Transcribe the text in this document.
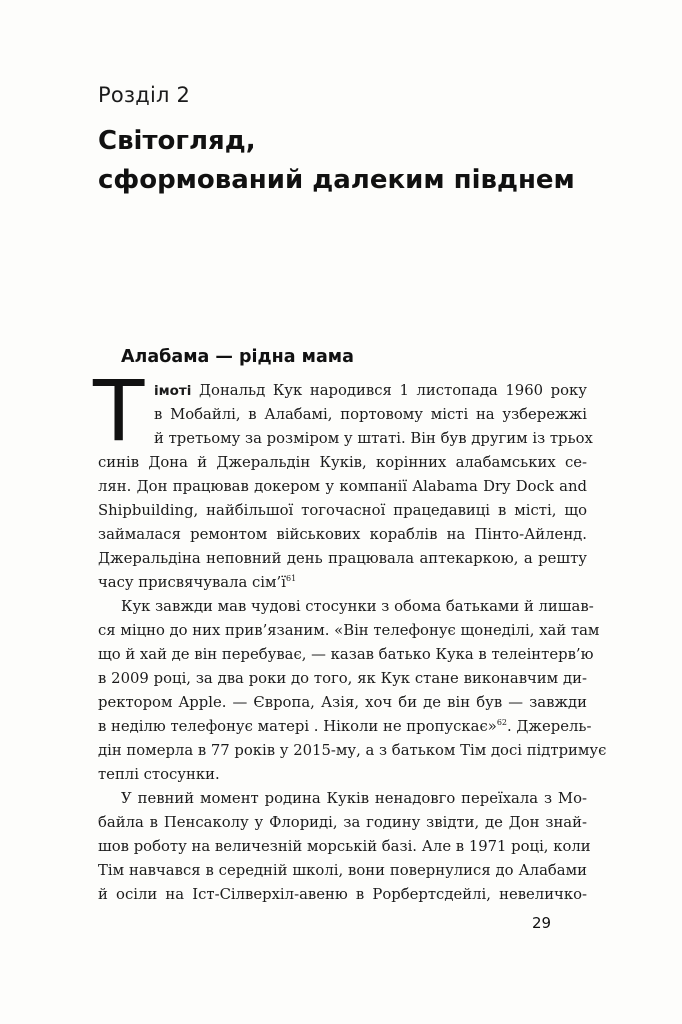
Розділ 2
Світогляд,
сформований далеким півднем
Алабама — рідна мама
Т імоті Дональд Кук народився 1 листопада 1960 року
в Мобайлі, в Алабамі, портовому місті на узбережжі
й третьому за розміром у штаті. Він був другим із трьох
синів Дона й Джеральдін Куків, корінних алабамських се-
лян. Дон працював докером у компанії Alabama Dry Dock and
Shipbuilding, найбільшої тогочасної працедавиці в місті, що
займалася ремонтом військових кораблів на Пінто-Айленд.
Джеральдіна неповний день працювала аптекаркою, а решту
часу присвячувала $сім’ї^{61}$
Кук завжди мав чудові стосунки з обома батьками й лишав-
ся міцно до них прив’язаним. «Він телефонує щонеділі, хай там
що й хай де він перебуває, — казав батько Кука в телеінтерв’ю
в 2009 році, за два роки до того, як Кук стане виконавчим ди-
ректором Apple. — Європа, Азія, хоч би де він був — завжди
в неділю телефонує матері . Ніколи не пропускає»$^{62}$. Джерель-
дін померла в 77 років у 2015-му, а з батьком Тім досі підтримує
теплі стосунки.
У певний момент родина Куків ненадовго переїхала з Мо-
байла в Пенсаколу у Флориді, за годину звідти, де Дон знай-
шов роботу на величезній морській базі. Але в 1971 році, коли
Тім навчався в середній школі, вони повернулися до Алабами
й осіли на Іст-Сілверхіл-авеню в Рорбертсдейлі, невеличко-
29
